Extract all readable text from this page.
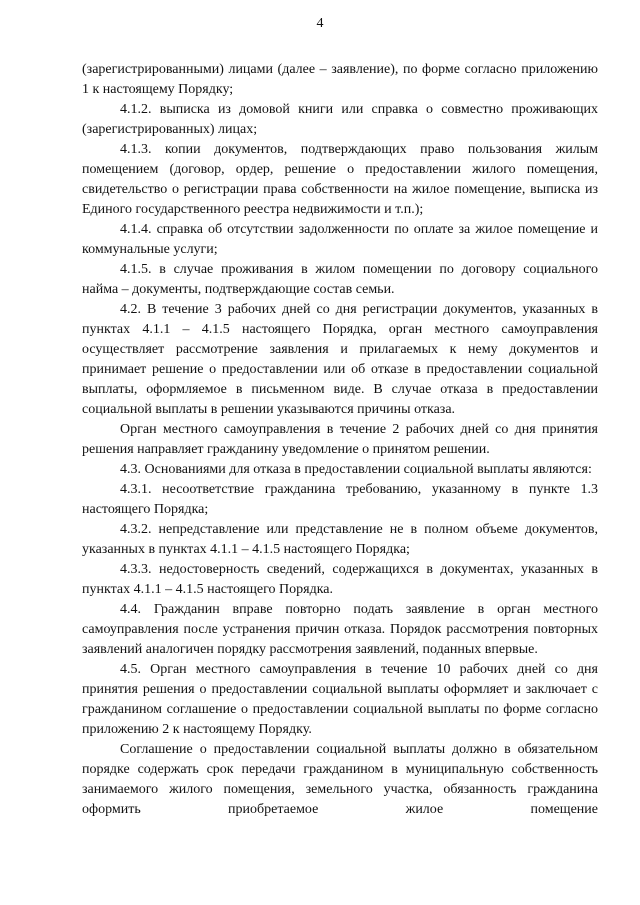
4

(зарегистрированными) лицами (далее – заявление), по форме согласно приложению 1 к настоящему Порядку;

4.1.2. выписка из домовой книги или справка о совместно проживающих (зарегистрированных) лицах;

4.1.3. копии документов, подтверждающих право пользования жилым помещением (договор, ордер, решение о предоставлении жилого помещения, свидетельство о регистрации права собственности на жилое помещение, выписка из Единого государственного реестра недвижимости и т.п.);

4.1.4. справка об отсутствии задолженности по оплате за жилое помещение и коммунальные услуги;

4.1.5. в случае проживания в жилом помещении по договору социального найма – документы, подтверждающие состав семьи.

4.2. В течение 3 рабочих дней со дня регистрации документов, указанных в пунктах 4.1.1 – 4.1.5 настоящего Порядка, орган местного самоуправления осуществляет рассмотрение заявления и прилагаемых к нему документов и принимает решение о предоставлении или об отказе в предоставлении социальной выплаты, оформляемое в письменном виде. В случае отказа в предоставлении социальной выплаты в решении указываются причины отказа.

Орган местного самоуправления в течение 2 рабочих дней со дня принятия решения направляет гражданину уведомление о принятом решении.

4.3. Основаниями для отказа в предоставлении социальной выплаты являются:

4.3.1. несоответствие гражданина требованию, указанному в пункте 1.3 настоящего Порядка;

4.3.2. непредставление или представление не в полном объеме документов, указанных в пунктах 4.1.1 – 4.1.5 настоящего Порядка;

4.3.3. недостоверность сведений, содержащихся в документах, указанных в пунктах 4.1.1 – 4.1.5 настоящего Порядка.

4.4. Гражданин вправе повторно подать заявление в орган местного самоуправления после устранения причин отказа. Порядок рассмотрения повторных заявлений аналогичен порядку рассмотрения заявлений, поданных впервые.

4.5. Орган местного самоуправления в течение 10 рабочих дней со дня принятия решения о предоставлении социальной выплаты оформляет и заключает с гражданином соглашение о предоставлении социальной выплаты по форме согласно приложению 2 к настоящему Порядку.

Соглашение о предоставлении социальной выплаты должно в обязательном порядке содержать срок передачи гражданином в муниципальную собственность занимаемого жилого помещения, земельного участка, обязанность гражданина оформить приобретаемое жилое помещение
